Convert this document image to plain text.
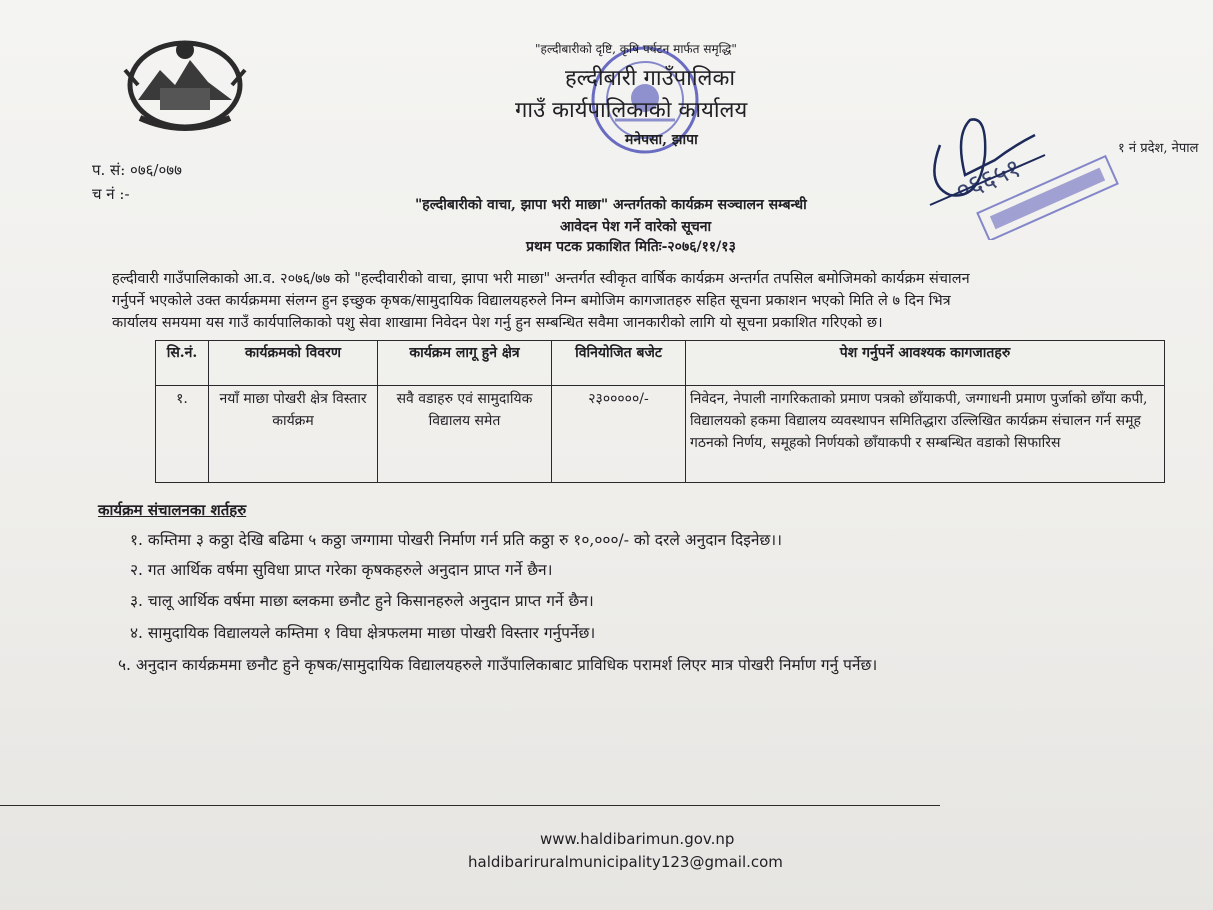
"हल्दीबारीको दृष्टि, कृषि पर्यटन मार्फत समृद्धि"
हल्दीबारी गाउँपालिका
गाउँ कार्यपालिकाको कार्यालय
मनेपसा, झापा
०६६५१
१ नं प्रदेश, नेपाल
प. सं: ०७६/०७७
च नं :-
"हल्दीबारीको वाचा, झापा भरी माछा" अन्तर्गतको कार्यक्रम सञ्चालन सम्बन्धी
आवेदन पेश गर्ने वारेको सूचना
प्रथम पटक प्रकाशित मितिः-२०७६/११/१३
हल्दीवारी गाउँपालिकाको आ.व. २०७६/७७ को "हल्दीवारीको वाचा, झापा भरी माछा" अन्तर्गत स्वीकृत वार्षिक कार्यक्रम अन्तर्गत तपसिल बमोजिमको कार्यक्रम संचालन
गर्नुपर्ने भएकोले उक्त कार्यक्रममा संलग्न हुन इच्छुक कृषक/सामुदायिक विद्यालयहरुले निम्न बमोजिम कागजातहरु सहित सूचना प्रकाशन भएको मिति ले ७ दिन भित्र
कार्यालय समयमा यस गाउँ कार्यपालिकाको पशु सेवा शाखामा निवेदन पेश गर्नु हुन सम्बन्धित सवैमा जानकारीको लागि यो सूचना प्रकाशित गरिएको छ।
सि.नं.	कार्यक्रमको विवरण	कार्यक्रम लागू हुने क्षेत्र	विनियोजित बजेट	पेश गर्नुपर्ने आवश्यक कागजातहरु
१.	नयाँ माछा पोखरी क्षेत्र विस्तार कार्यक्रम	सवै वडाहरु एवं सामुदायिक विद्यालय समेत	२३०००००/-	निवेदन, नेपाली नागरिकताको प्रमाण पत्रको छाँयाकपी, जग्गाधनी प्रमाण पुर्जाको छाँया कपी, विद्यालयको हकमा विद्यालय व्यवस्थापन समितिद्धारा उल्लिखित कार्यक्रम संचालन गर्न समूह गठनको निर्णय, समूहको निर्णयको छाँयाकपी र सम्बन्धित वडाको सिफारिस
कार्यक्रम संचालनका शर्तहरु
१. कम्तिमा ३ कठ्ठा देखि बढिमा ५ कठ्ठा जग्गामा पोखरी निर्माण गर्न प्रति कठ्ठा रु १०,०००/- को दरले अनुदान दिइनेछ।।
२. गत आर्थिक वर्षमा सुविधा प्राप्त गरेका कृषकहरुले अनुदान प्राप्त गर्ने छैन।
३. चालू आर्थिक वर्षमा माछा ब्लकमा छनौट हुने किसानहरुले अनुदान प्राप्त गर्ने छैन।
४. सामुदायिक विद्यालयले कम्तिमा १ विघा क्षेत्रफलमा माछा पोखरी विस्तार गर्नुपर्नेछ।
५. अनुदान कार्यक्रममा छनौट हुने कृषक/सामुदायिक विद्यालयहरुले गाउँपालिकाबाट प्राविधिक परामर्श लिएर मात्र पोखरी निर्माण गर्नु पर्नेछ।
www.haldibarimun.gov.np
haldibariruralmunicipality123@gmail.com
